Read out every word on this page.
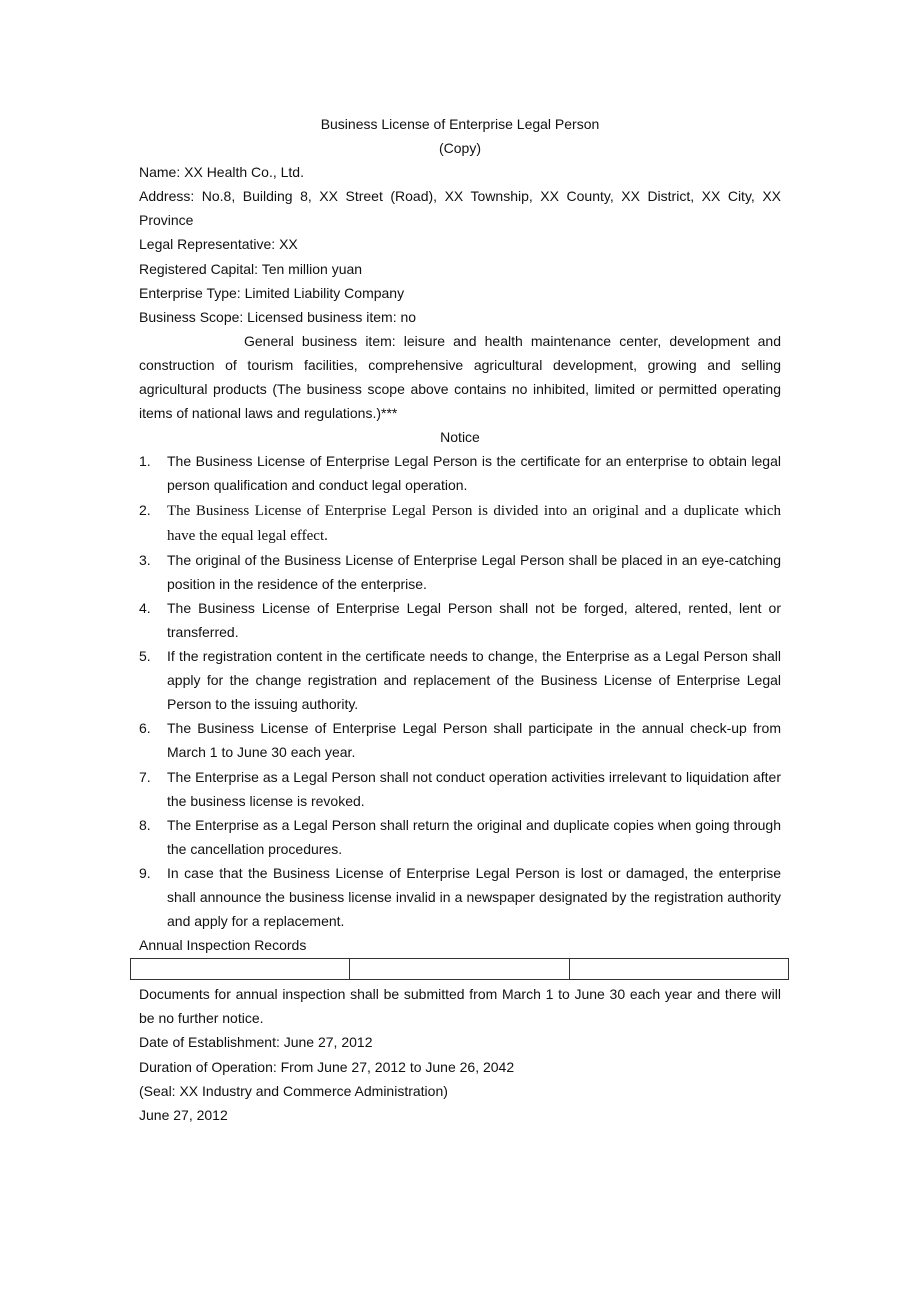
Business License of Enterprise Legal Person
(Copy)
Name: XX Health Co., Ltd.
Address: No.8, Building 8, XX Street (Road), XX Township, XX County, XX District, XX City, XX Province
Legal Representative: XX
Registered Capital: Ten million yuan
Enterprise Type: Limited Liability Company
Business Scope: Licensed business item: no
General business item: leisure and health maintenance center, development and construction of tourism facilities, comprehensive agricultural development, growing and selling agricultural products (The business scope above contains no inhibited, limited or permitted operating items of national laws and regulations.)***
Notice
1. The Business License of Enterprise Legal Person is the certificate for an enterprise to obtain legal person qualification and conduct legal operation.
2. The Business License of Enterprise Legal Person is divided into an original and a duplicate which have the equal legal effect.
3. The original of the Business License of Enterprise Legal Person shall be placed in an eye-catching position in the residence of the enterprise.
4. The Business License of Enterprise Legal Person shall not be forged, altered, rented, lent or transferred.
5. If the registration content in the certificate needs to change, the Enterprise as a Legal Person shall apply for the change registration and replacement of the Business License of Enterprise Legal Person to the issuing authority.
6. The Business License of Enterprise Legal Person shall participate in the annual check-up from March 1 to June 30 each year.
7. The Enterprise as a Legal Person shall not conduct operation activities irrelevant to liquidation after the business license is revoked.
8. The Enterprise as a Legal Person shall return the original and duplicate copies when going through the cancellation procedures.
9. In case that the Business License of Enterprise Legal Person is lost or damaged, the enterprise shall announce the business license invalid in a newspaper designated by the registration authority and apply for a replacement.
Annual Inspection Records
Documents for annual inspection shall be submitted from March 1 to June 30 each year and there will be no further notice.
Date of Establishment: June 27, 2012
Duration of Operation: From June 27, 2012 to June 26, 2042
(Seal: XX Industry and Commerce Administration)
June 27, 2012
